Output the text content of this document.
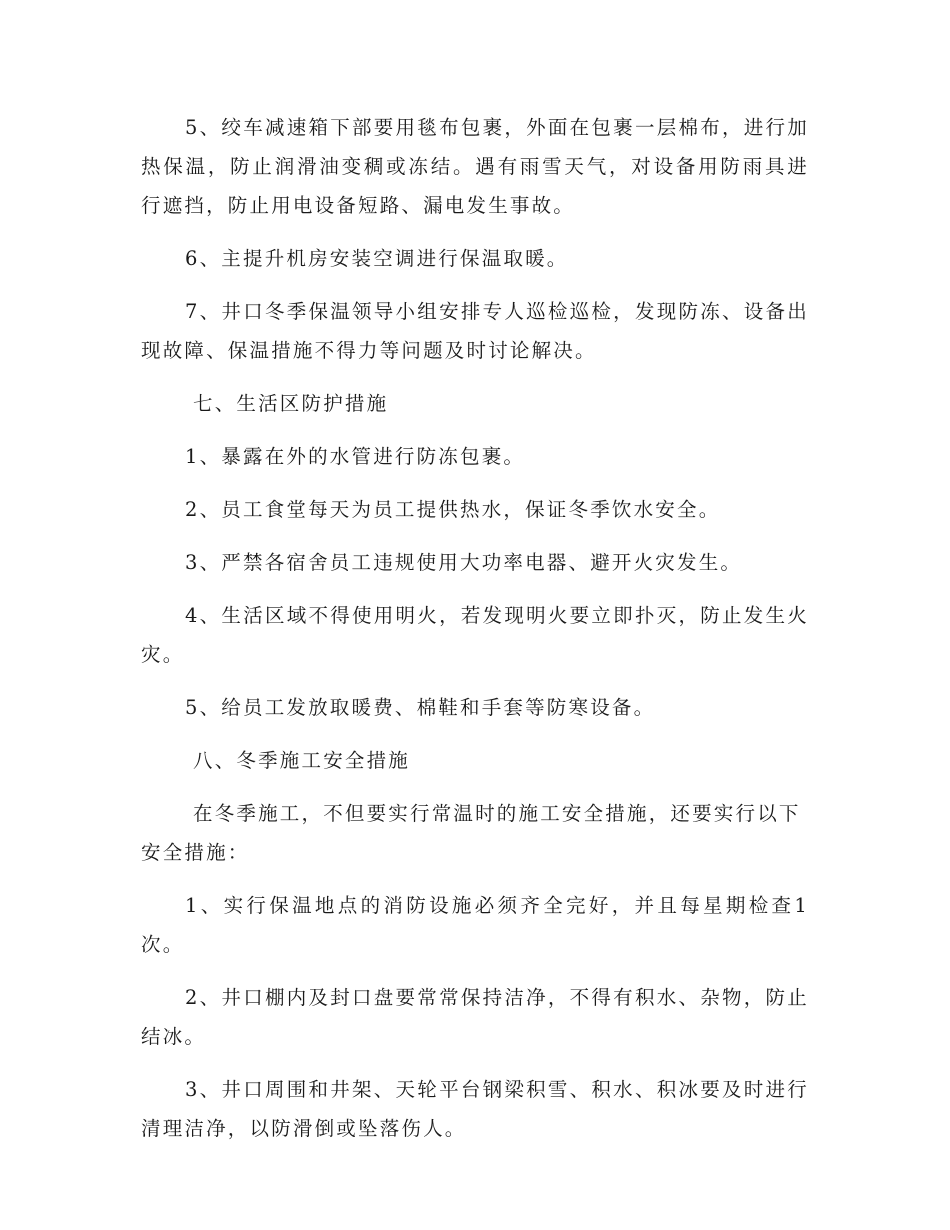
5、绞车减速箱下部要用毯布包裹，外面在包裹一层棉布，进行加热保温，防止润滑油变稠或冻结。遇有雨雪天气，对设备用防雨具进行遮挡，防止用电设备短路、漏电发生事故。

6、主提升机房安装空调进行保温取暖。

7、井口冬季保温领导小组安排专人巡检巡检，发现防冻、设备出现故障、保温措施不得力等问题及时讨论解决。

七、生活区防护措施

1、暴露在外的水管进行防冻包裹。

2、员工食堂每天为员工提供热水，保证冬季饮水安全。

3、严禁各宿舍员工违规使用大功率电器、避开火灾发生。

4、生活区域不得使用明火，若发现明火要立即扑灭，防止发生火灾。

5、给员工发放取暖费、棉鞋和手套等防寒设备。

八、冬季施工安全措施

在冬季施工，不但要实行常温时的施工安全措施，还要实行以下安全措施：

1、实行保温地点的消防设施必须齐全完好，并且每星期检查1次。

2、井口棚内及封口盘要常常保持洁净，不得有积水、杂物，防止结冰。

3、井口周围和井架、天轮平台钢梁积雪、积水、积冰要及时进行清理洁净，以防滑倒或坠落伤人。
